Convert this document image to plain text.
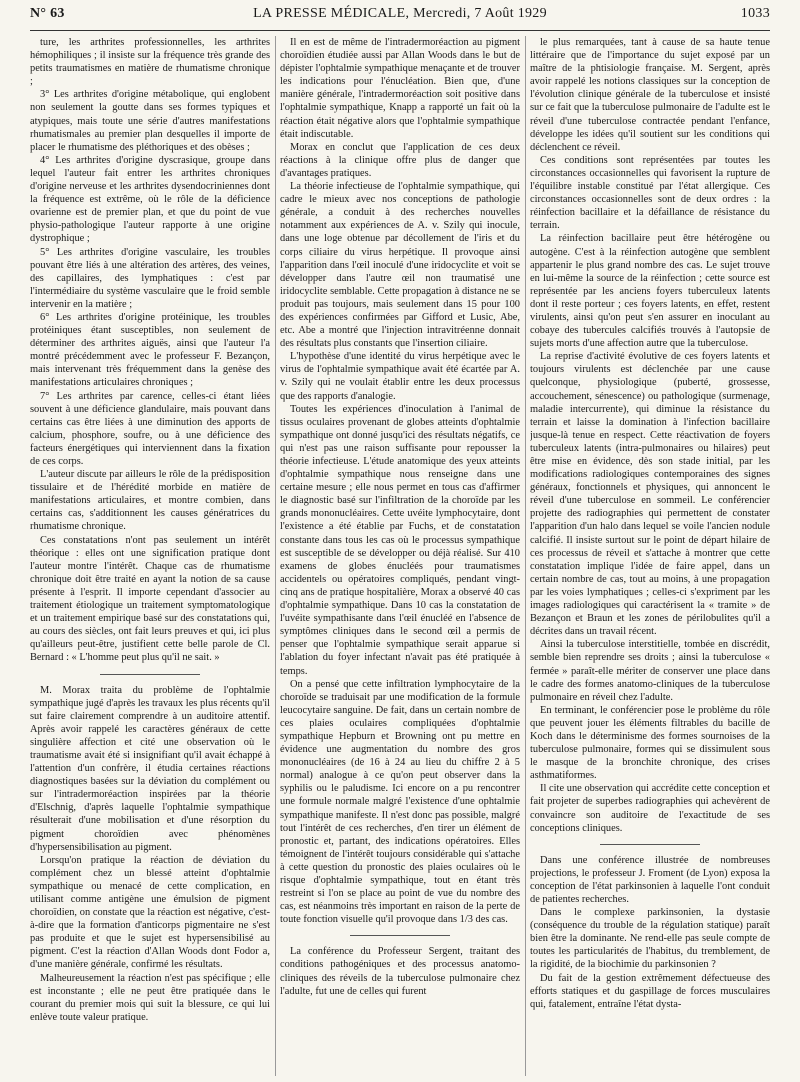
N° 63	LA PRESSE MÉDICALE, Mercredi, 7 Août 1929	1033

ture, les arthrites professionnelles, les arthrites hémophiliques ; il insiste sur la fréquence très grande des petits traumatismes en matière de rhumatisme chronique ;

3° Les arthrites d'origine métabolique, qui englobent non seulement la goutte dans ses formes typiques et atypiques, mais toute une série d'autres manifestations rhumatismales au premier plan desquelles il importe de placer le rhumatisme des pléthoriques et des obèses ;

4° Les arthrites d'origine dyscrasique, groupe dans lequel l'auteur fait entrer les arthrites chroniques d'origine nerveuse et les arthrites dysendocriniennes dont la fréquence est extrême, où le rôle de la déficience ovarienne est de premier plan, et que du point de vue physio-pathologique l'auteur rapporte à une origine dystrophique ;

5° Les arthrites d'origine vasculaire, les troubles pouvant être liés à une altération des artères, des veines, des capillaires, des lymphatiques : c'est par l'intermédiaire du système vasculaire que le froid semble intervenir en la matière ;

6° Les arthrites d'origine protéinique, les troubles protéiniques étant susceptibles, non seulement de déterminer des arthrites aiguës, ainsi que l'auteur l'a montré précédemment avec le professeur F. Bezançon, mais intervenant très fréquemment dans la genèse des manifestations articulaires chroniques ;

7° Les arthrites par carence, celles-ci étant liées souvent à une déficience glandulaire, mais pouvant dans certains cas être liées à une diminution des apports de calcium, phosphore, soufre, ou à une déficience des facteurs énergétiques qui interviennent dans la fixation de ces corps.

L'auteur discute par ailleurs le rôle de la prédisposition tissulaire et de l'hérédité morbide en matière de manifestations articulaires, et montre combien, dans certains cas, s'additionnent les causes génératrices du rhumatisme chronique.

Ces constatations n'ont pas seulement un intérêt théorique : elles ont une signification pratique dont l'auteur montre l'intérêt. Chaque cas de rhumatisme chronique doit être traité en ayant la notion de sa cause présente à l'esprit. Il importe cependant d'associer au traitement étiologique un traitement symptomatologique et un traitement empirique basé sur des constatations qui, au cours des siècles, ont fait leurs preuves et qui, ici plus qu'ailleurs peut-être, justifient cette belle parole de Cl. Bernard : « L'homme peut plus qu'il ne sait. »

M. Morax traita du problème de l'ophtalmie sympathique jugé d'après les travaux les plus récents qu'il sut faire clairement comprendre à un auditoire attentif. Après avoir rappelé les caractères généraux de cette singulière affection et cité une observation où le traumatisme avait été si insignifiant qu'il avait échappé à l'attention d'un confrère, il étudia certaines réactions diagnostiques basées sur la déviation du complément ou sur l'intradermoréaction inspirées par la théorie d'Elschnig, d'après laquelle l'ophtalmie sympathique résulterait d'une mobilisation et d'une résorption du pigment choroïdien avec phénomènes d'hypersensibilisation au pigment.

Lorsqu'on pratique la réaction de déviation du complément chez un blessé atteint d'ophtalmie sympathique ou menacé de cette complication, en utilisant comme antigène une émulsion de pigment choroïdien, on constate que la réaction est négative, c'est-à-dire que la formation d'anticorps pigmentaire ne s'est pas produite et que le sujet est hypersensibilisé au pigment. C'est la réaction d'Allan Woods dont Fodor a, d'une manière générale, confirmé les résultats.

Malheureusement la réaction n'est pas spécifique ; elle est inconstante ; elle ne peut être pratiquée dans le courant du premier mois qui suit la blessure, ce qui lui enlève toute valeur pratique.

Il en est de même de l'intradermoréaction au pigment choroïdien étudiée aussi par Allan Woods dans le but de dépister l'ophtalmie sympathique menaçante et de trouver les indications pour l'énucléation. Bien que, d'une manière générale, l'intradermoréaction soit positive dans l'ophtalmie sympathique, Knapp a rapporté un fait où la réaction était négative alors que l'ophtalmie sympathique était indiscutable.

Morax en conclut que l'application de ces deux réactions à la clinique offre plus de danger que d'avantages pratiques.

La théorie infectieuse de l'ophtalmie sympathique, qui cadre le mieux avec nos conceptions de pathologie générale, a conduit à des recherches nouvelles notamment aux expériences de A. v. Szily qui inocule, dans une loge obtenue par décollement de l'iris et du corps ciliaire du virus herpétique. Il provoque ainsi l'apparition dans l'œil inoculé d'une iridocyclite et voit se développer dans l'autre œil non traumatisé une iridocyclite semblable. Cette propagation à distance ne se produit pas toujours, mais seulement dans 15 pour 100 des expériences confirmées par Gifford et Lusic, Abe, etc. Abe a montré que l'injection intravitréenne donnait des résultats plus constants que l'insertion ciliaire.

L'hypothèse d'une identité du virus herpétique avec le virus de l'ophtalmie sympathique avait été écartée par A. v. Szily qui ne voulait établir entre les deux processus que des rapports d'analogie.

Toutes les expériences d'inoculation à l'animal de tissus oculaires provenant de globes atteints d'ophtalmie sympathique ont donné jusqu'ici des résultats négatifs, ce qui n'est pas une raison suffisante pour repousser la théorie infectieuse. L'étude anatomique des yeux atteints d'ophtalmie sympathique nous renseigne dans une certaine mesure ; elle nous permet en tous cas d'affirmer le diagnostic basé sur l'infiltration de la choroïde par les grands mononucléaires. Cette uvéite lymphocytaire, dont l'existence a été établie par Fuchs, et de constatation constante dans tous les cas où le processus sympathique est susceptible de se développer ou déjà réalisé. Sur 410 examens de globes énucléés pour traumatismes accidentels ou opératoires compliqués, pendant vingt-cinq ans de pratique hospitalière, Morax a observé 40 cas d'ophtalmie sympathique. Dans 10 cas la constatation de l'uvéite sympathisante dans l'œil énucléé en l'absence de symptômes cliniques dans le second œil a permis de penser que l'ophtalmie sympathique serait apparue si l'ablation du foyer infectant n'avait pas été pratiquée à temps.

On a pensé que cette infiltration lymphocytaire de la choroïde se traduisait par une modification de la formule leucocytaire sanguine. De fait, dans un certain nombre de ces plaies oculaires compliquées d'ophtalmie sympathique Hepburn et Browning ont pu mettre en évidence une augmentation du nombre des gros mononucléaires (de 16 à 24 au lieu du chiffre 2 à 5 normal) analogue à ce qu'on peut observer dans la syphilis ou le paludisme. Ici encore on a pu rencontrer une formule normale malgré l'existence d'une ophtalmie sympathique manifeste. Il n'est donc pas possible, malgré tout l'intérêt de ces recherches, d'en tirer un élément de pronostic et, partant, des indications opératoires. Elles témoignent de l'intérêt toujours considérable qui s'attache à cette question du pronostic des plaies oculaires où le risque d'ophtalmie sympathique, tout en étant très restreint si l'on se place au point de vue du nombre des cas, est néanmoins très important en raison de la perte de toute fonction visuelle qu'il provoque dans 1/3 des cas.

La conférence du Professeur Sergent, traitant des conditions pathogéniques et des processus anatomo-cliniques des réveils de la tuberculose pulmonaire chez l'adulte, fut une de celles qui furent

le plus remarquées, tant à cause de sa haute tenue littéraire que de l'importance du sujet exposé par un maître de la phtisiologie française. M. Sergent, après avoir rappelé les notions classiques sur la conception de l'évolution clinique générale de la tuberculose et insisté sur ce fait que la tuberculose pulmonaire de l'adulte est le réveil d'une tuberculose contractée pendant l'enfance, développe les idées qu'il soutient sur les conditions qui déclenchent ce réveil.

Ces conditions sont représentées par toutes les circonstances occasionnelles qui favorisent la rupture de l'équilibre instable constitué par l'état allergique. Ces circonstances occasionnelles sont de deux ordres : la réinfection bacillaire et la défaillance de résistance du terrain.

La réinfection bacillaire peut être hétérogène ou autogène. C'est à la réinfection autogène que semblent appartenir le plus grand nombre des cas. Le sujet trouve en lui-même la source de la réinfection ; cette source est représentée par les anciens foyers tuberculeux latents dont il reste porteur ; ces foyers latents, en effet, restent virulents, ainsi qu'on peut s'en assurer en inoculant au cobaye des tubercules calcifiés trouvés à l'autopsie de sujets morts d'une affection autre que la tuberculose.

La reprise d'activité évolutive de ces foyers latents et toujours virulents est déclenchée par une cause quelconque, physiologique (puberté, grossesse, accouchement, sénescence) ou pathologique (surmenage, maladie intercurrente), qui diminue la résistance du terrain et laisse la domination à l'infection bacillaire jusque-là tenue en respect. Cette réactivation de foyers tuberculeux latents (intra-pulmonaires ou hilaires) peut être mise en évidence, dès son stade initial, par les modifications radiologiques contemporaines des signes généraux, fonctionnels et physiques, qui annoncent le réveil d'une tuberculose en sommeil. Le conférencier projette des radiographies qui permettent de constater l'apparition d'un halo dans lequel se voile l'ancien nodule calcifié. Il insiste surtout sur le point de départ hilaire de ces processus de réveil et s'attache à montrer que cette constatation implique l'idée de faire appel, dans un certain nombre de cas, tout au moins, à une propagation par les voies lymphatiques ; celles-ci s'expriment par les images radiologiques qui caractérisent la « tramite » de Bezançon et Braun et les zones de périlobulites qu'il a décrites dans un travail récent.

Ainsi la tuberculose interstitielle, tombée en discrédit, semble bien reprendre ses droits ; ainsi la tuberculose « fermée » paraît-elle mériter de conserver une place dans le cadre des formes anatomo-cliniques de la tuberculose pulmonaire en réveil chez l'adulte.

En terminant, le conférencier pose le problème du rôle que peuvent jouer les éléments filtrables du bacille de Koch dans le déterminisme des formes sournoises de la tuberculose pulmonaire, formes qui se dissimulent sous le masque de la bronchite chronique, des crises asthmatiformes.

Il cite une observation qui accrédite cette conception et fait projeter de superbes radiographies qui achevèrent de convaincre son auditoire de l'exactitude de ses conceptions cliniques.

Dans une conférence illustrée de nombreuses projections, le professeur J. Froment (de Lyon) exposa la conception de l'état parkinsonien à laquelle l'ont conduit de patientes recherches.

Dans le complexe parkinsonien, la dystasie (conséquence du trouble de la régulation statique) paraît bien être la dominante. Ne rend-elle pas seule compte de toutes les particularités de l'habitus, du tremblement, de la rigidité, de la biochimie du parkinsonien ?

Du fait de la gestion extrêmement défectueuse des efforts statiques et du gaspillage de forces musculaires qui, fatalement, entraîne l'état dysta-
